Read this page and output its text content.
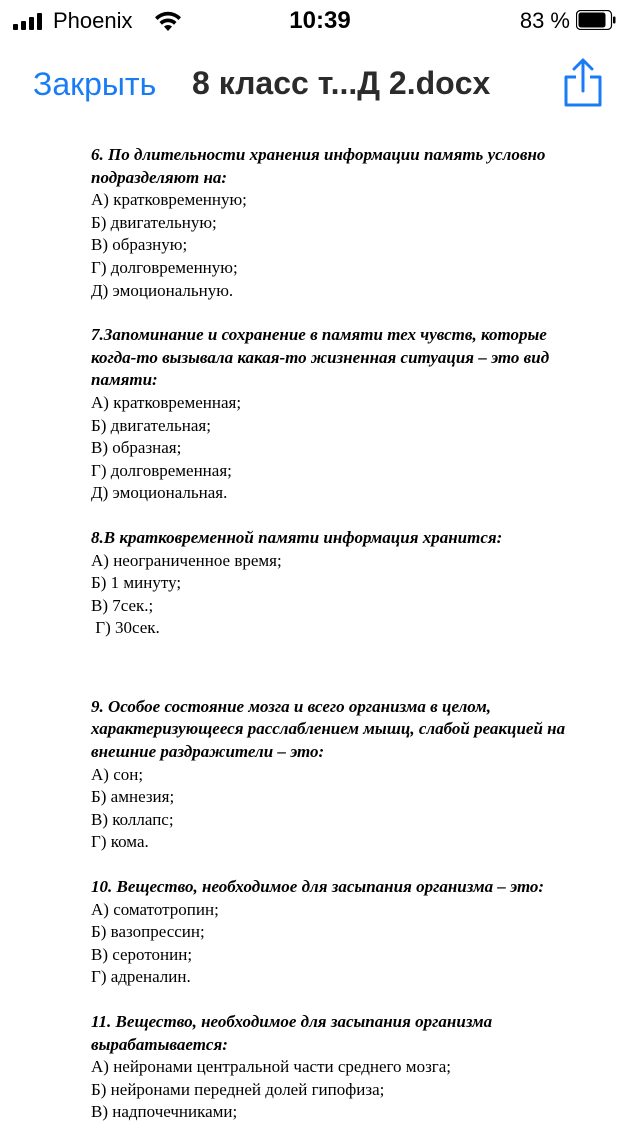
Phoenix	10:39	83 %
Закрыть 8 класс т...Д 2.docx

6. По длительности хранения информации память условно подразделяют на:

А) кратковременную;

Б) двигательную;

В) образную;

Г) долговременную;

Д) эмоциональную.

7.Запоминание и сохранение в памяти тех чувств, которые когда-то вызывала какая-то жизненная ситуация – это вид памяти:

А) кратковременная;

Б) двигательная;

В) образная;

Г) долговременная;

Д) эмоциональная.

8.В кратковременной памяти информация хранится:

А) неограниченное время;

Б) 1 минуту;

В) 7сек.;

Г) 30сек.

9. Особое состояние мозга и всего организма в целом, характеризующееся расслаблением мышц, слабой реакцией на внешние раздражители – это:

А) сон;

Б) амнезия;

В) коллапс;

Г) кома.

10. Вещество, необходимое для засыпания организма – это:

А) соматотропин;

Б) вазопрессин;

В) серотонин;

Г) адреналин.

11. Вещество, необходимое для засыпания организма вырабатывается:

А) нейронами центральной части среднего мозга;

Б) нейронами передней долей гипофиза;

В) надпочечниками;
